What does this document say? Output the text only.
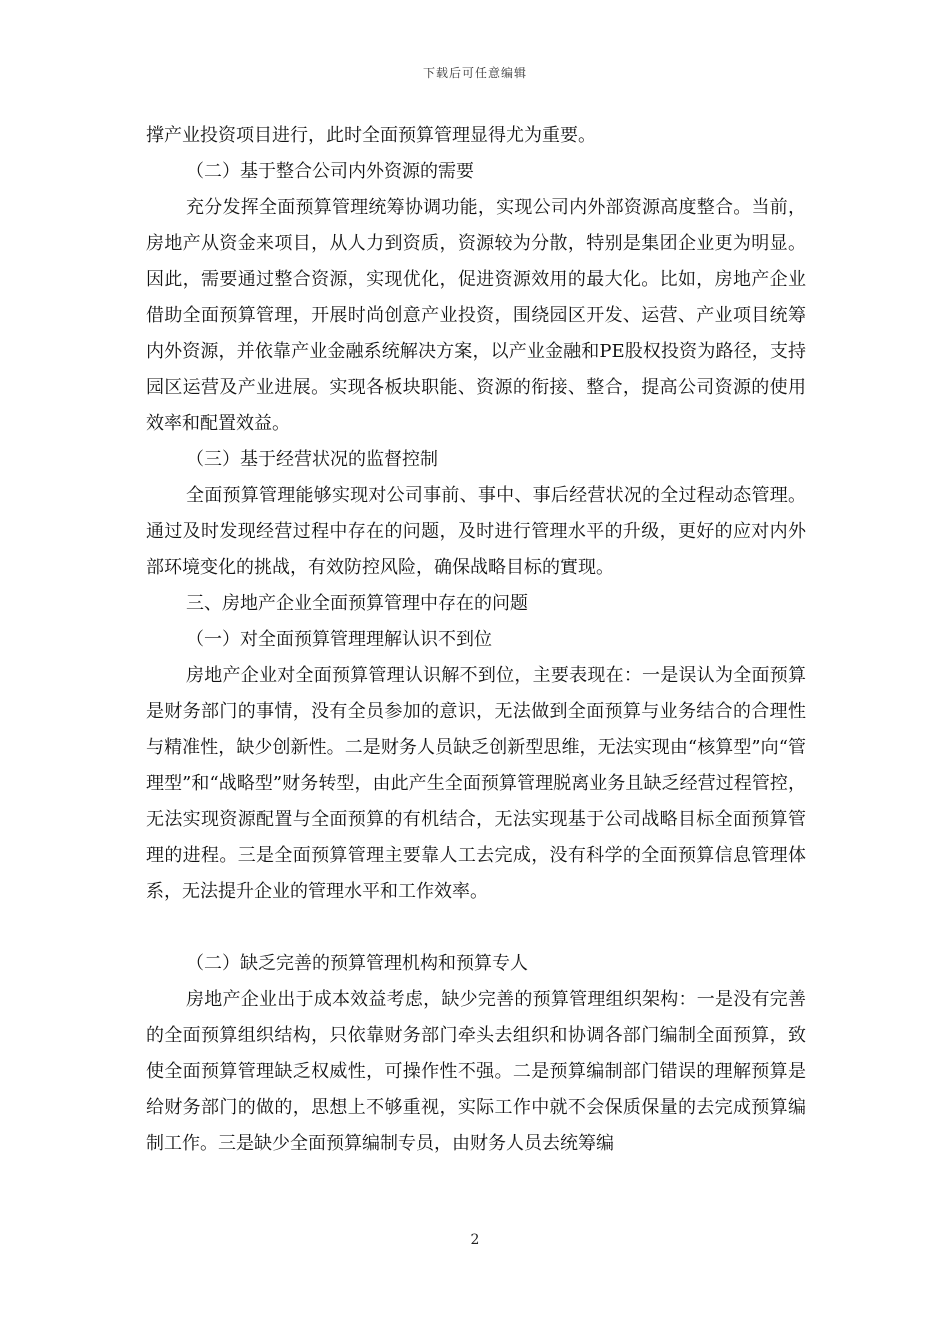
下载后可任意编辑

撑产业投资项目进行，此时全面预算管理显得尤为重要。

（二）基于整合公司内外资源的需要

充分发挥全面预算管理统筹协调功能，实现公司内外部资源高度整合。当前，房地产从资金来项目，从人力到资质，资源较为分散，特别是集团企业更为明显。因此，需要通过整合资源，实现优化，促进资源效用的最大化。比如，房地产企业借助全面预算管理，开展时尚创意产业投资，围绕园区开发、运营、产业项目统筹内外资源，并依靠产业金融系统解决方案，以产业金融和PE股权投资为路径，支持园区运营及产业进展。实现各板块职能、资源的衔接、整合，提高公司资源的使用效率和配置效益。

（三）基于经营状况的监督控制

全面预算管理能够实现对公司事前、事中、事后经营状况的全过程动态管理。通过及时发现经营过程中存在的问题，及时进行管理水平的升级，更好的应对内外部环境变化的挑战，有效防控风险，确保战略目标的實现。

三、房地产企业全面预算管理中存在的问题

（一）对全面预算管理理解认识不到位

房地产企业对全面预算管理认识解不到位，主要表现在：一是误认为全面预算是财务部门的事情，没有全员参加的意识，无法做到全面预算与业务结合的合理性与精准性，缺少创新性。二是财务人员缺乏创新型思维，无法实现由“核算型”向“管理型”和“战略型”财务转型，由此产生全面预算管理脱离业务且缺乏经营过程管控，无法实现资源配置与全面预算的有机结合，无法实现基于公司战略目标全面预算管理的进程。三是全面预算管理主要靠人工去完成，没有科学的全面预算信息管理体系，无法提升企业的管理水平和工作效率。

（二）缺乏完善的预算管理机构和预算专人

房地产企业出于成本效益考虑，缺少完善的预算管理组织架构：一是没有完善的全面预算组织结构，只依靠财务部门牵头去组织和协调各部门编制全面预算，致使全面预算管理缺乏权威性，可操作性不强。二是预算编制部门错误的理解预算是给财务部门的做的，思想上不够重视，实际工作中就不会保质保量的去完成预算编制工作。三是缺少全面预算编制专员，由财务人员去统筹编

2
